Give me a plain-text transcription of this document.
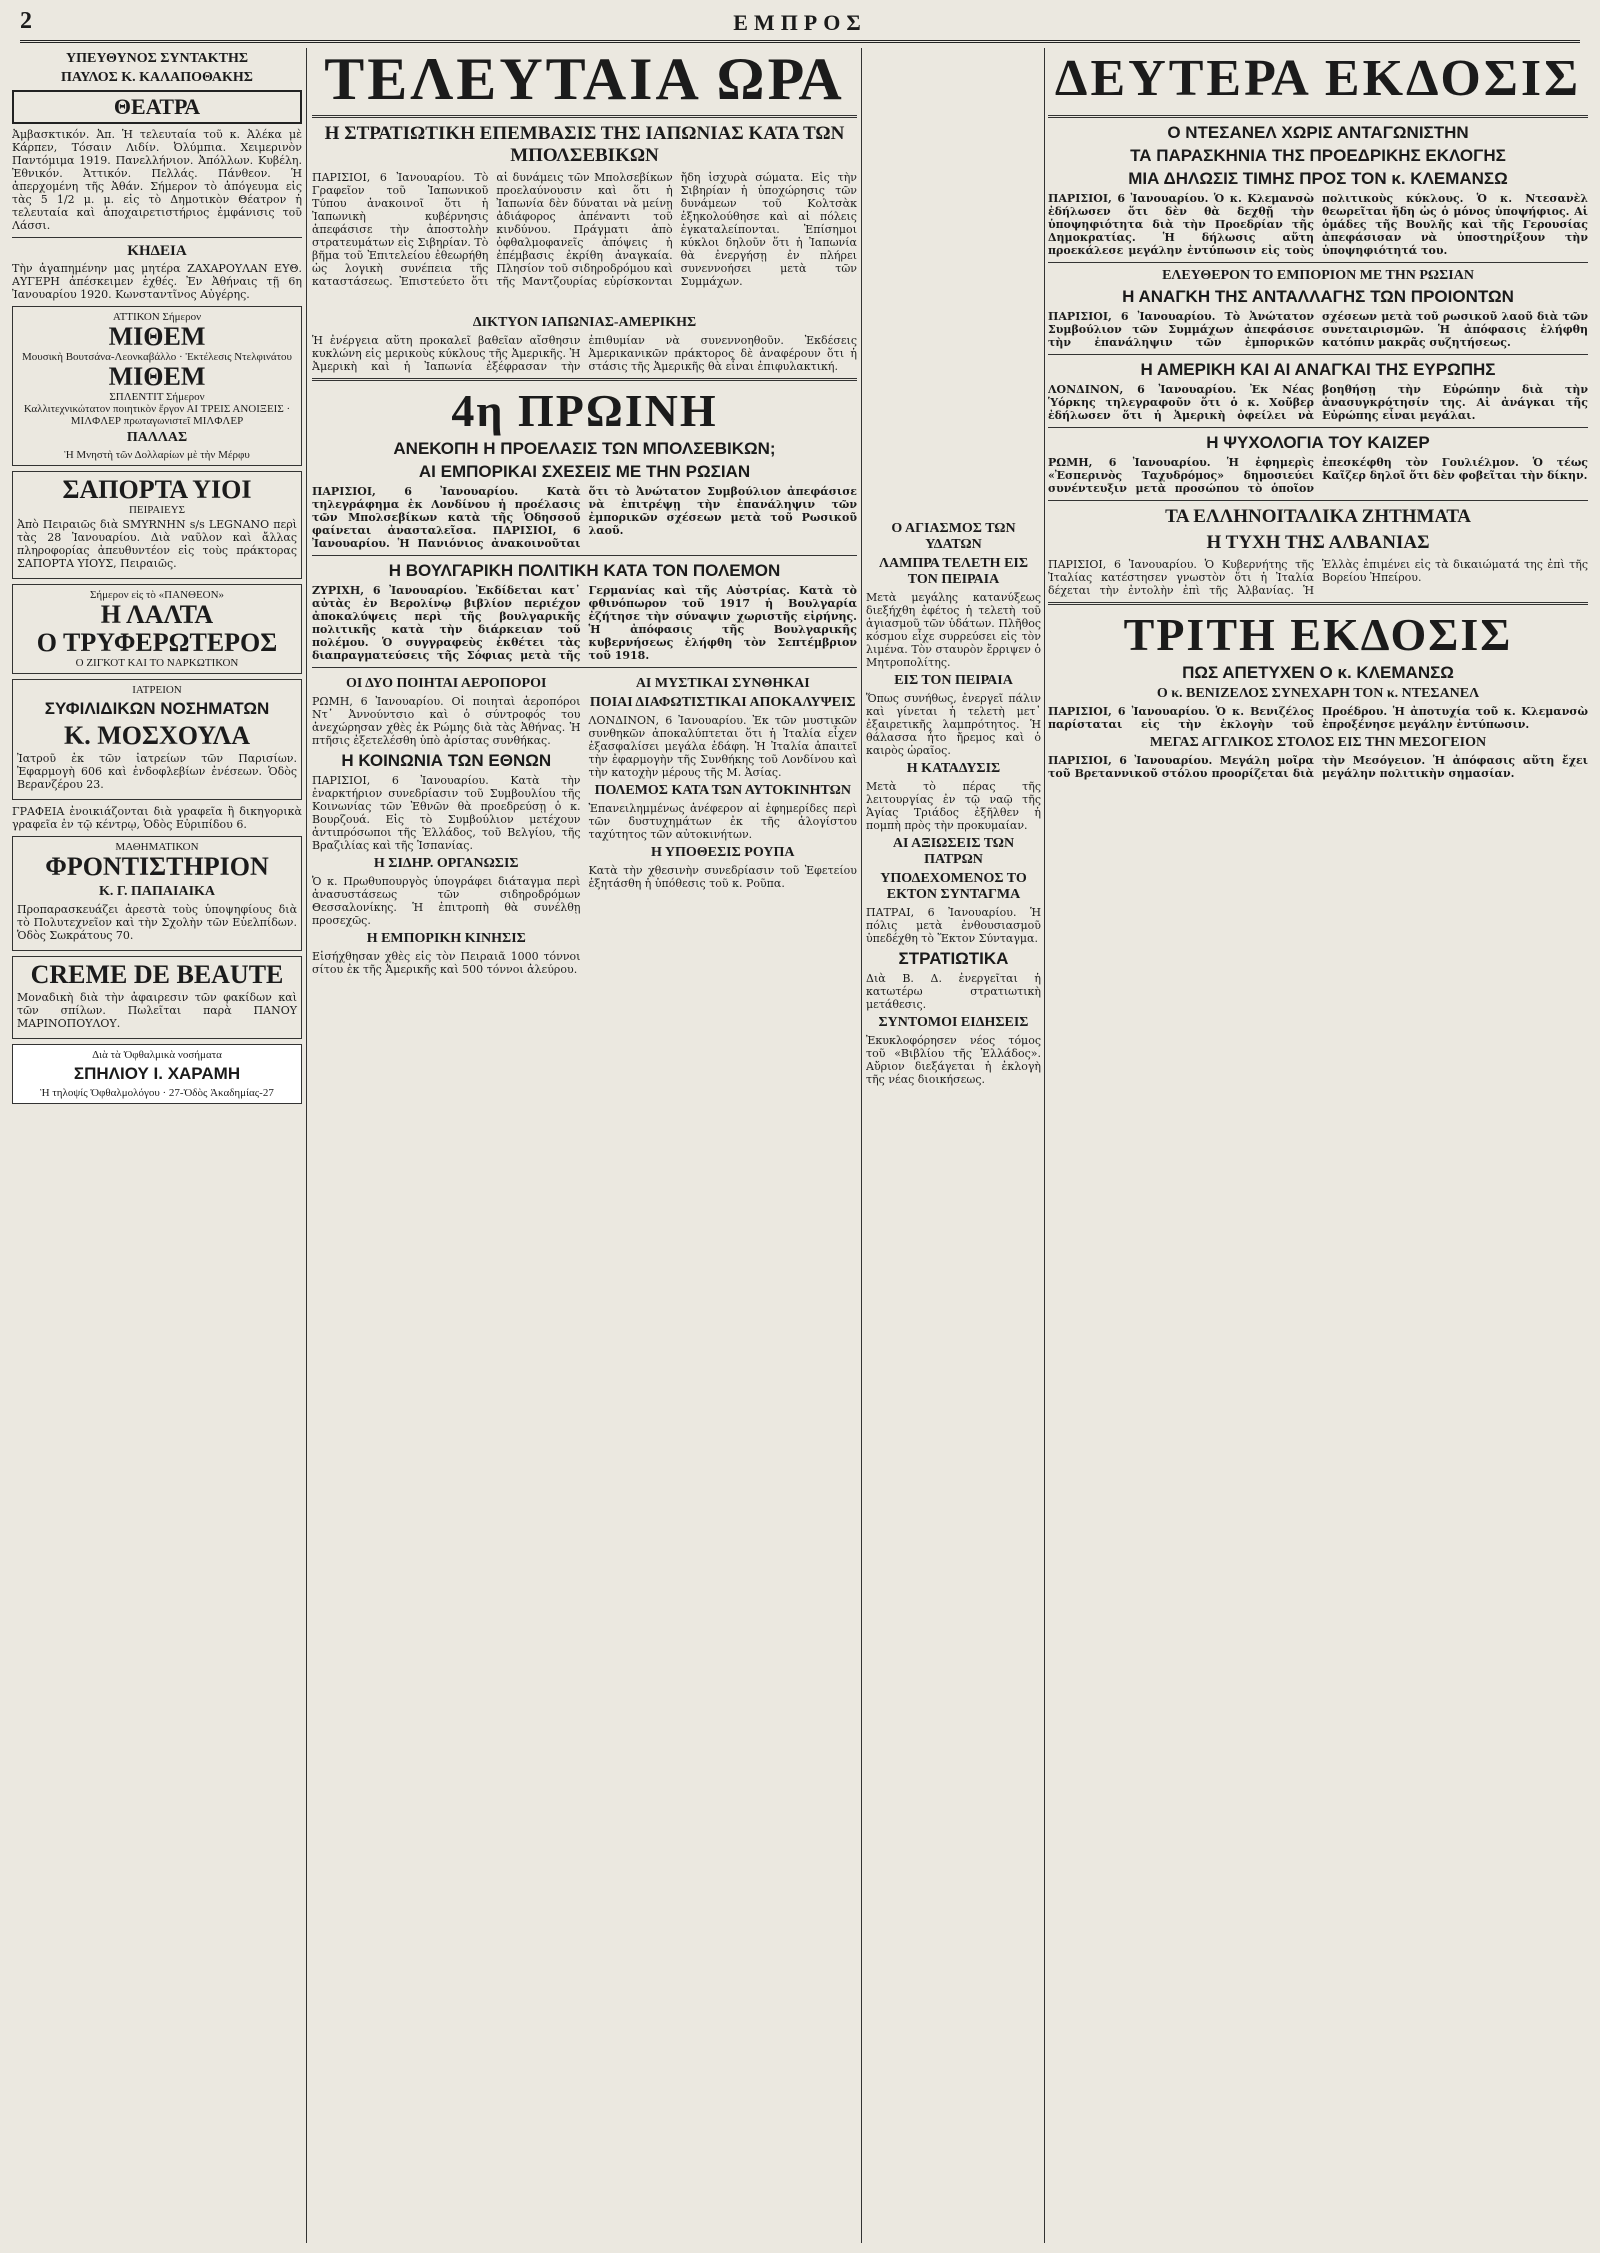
2	ΕΜΠΡΟΣ
ΥΠΕΥΘΥΝΟΣ ΣΥΝΤΑΚΤΗΣ
ΠΑΥΛΟΣ Κ. ΚΑΛΑΠΟΘΑΚΗΣ
ΘΕΑΤΡΑ
Ἀμβασκτικόν. Ἀπ. Ἡ τελευταία τοῦ κ. Ἀλέκα μὲ Κάρπεν, Τόσαιν Λιδίν. Ὀλύμπια. Χειμερινὸν Παντόμιμα 1919. Πανελλήνιον. Ἀπόλλων. Κυβέλη. Ἐθνικόν. Ἀττικόν. Πελλάς. Πάνθεον. Ἡ ἀπερχομένη τῆς Ἀθάν. Σήμερον τὸ ἀπόγευμα εἰς τὰς 5 1/2 μ. μ. εἰς τὸ Δημοτικὸν Θέατρον ἡ τελευταία καὶ ἀποχαιρετιστήριος ἐμφάνισις τοῦ Λάσσι.
ΚΗΔΕΙΑ
Τὴν ἀγαπημένην μας μητέρα ΖΑΧΑΡΟΥΛΑΝ ΕΥΘ. ΑΥΓΕΡΗ ἀπέσκειμεν ἐχθές. Ἐν Ἀθήναις τῇ 6η Ἰανουαρίου 1920. Κωνσταντῖνος Αὐγέρης.
ΑΤΤΙΚΟΝ Σήμερον
ΜΙΘΕΜ
Μουσικὴ Βουτσάνα-Λεονκαβάλλο · Ἐκτέλεσις Ντελφινάτου
ΜΙΘΕΜ
ΣΠΛΕΝΤΙΤ Σήμερον
Καλλιτεχνικώτατον ποιητικὸν ἔργον ΑΙ ΤΡΕΙΣ ΑΝΟΙΞΕΙΣ · ΜΙΛΦΛΕΡ πρωταγωνιστεῖ ΜΙΛΦΛΕΡ
ΠΑΛΛΑΣ
Ἡ Μνηστὴ τῶν Δολλαρίων μὲ τὴν Μέρφυ
ΣΑΠΟΡΤΑ ΥΙΟΙ
ΠΕΙΡΑΙΕΥΣ
Ἀπὸ Πειραιῶς διὰ SMYRNHN s/s LEGNANO περὶ τὰς 28 Ἰανουαρίου. Διὰ ναῦλον καὶ ἄλλας πληροφορίας ἀπευθυντέον εἰς τοὺς πράκτορας ΣΑΠΟΡΤΑ ΥΙΟΥΣ, Πειραιῶς.
Σήμερον εἰς τὸ «ΠΑΝΘΕΟΝ»
Η ΛΑΛΤΑ
Ο ΤΡΥΦΕΡΩΤΕΡΟΣ
Ο ΖΙΓΚΟΤ ΚΑΙ ΤΟ ΝΑΡΚΩΤΙΚΟΝ
ΙΑΤΡΕΙΟΝ
ΣΥΦΙΛΙΔΙΚΩΝ ΝΟΣΗΜΑΤΩΝ
Κ. ΜΟΣΧΟΥΛΑ
Ἰατροῦ ἐκ τῶν ἰατρείων τῶν Παρισίων. Ἐφαρμογὴ 606 καὶ ἐνδοφλεβίων ἐνέσεων. Ὁδὸς Βερανζέρου 23.
ΓΡΑΦΕΙΑ ἐνοικιάζονται διὰ γραφεῖα ἢ δικηγορικὰ γραφεῖα ἐν τῷ κέντρῳ, Ὁδὸς Εὐριπίδου 6.
ΜΑΘΗΜΑΤΙΚΟΝ
ΦΡΟΝΤΙΣΤΗΡΙΟΝ
Κ. Γ. ΠΑΠΑΙΑΙΚΑ
Προπαρασκευάζει ἀρεστὰ τοὺς ὑποψηφίους διὰ τὸ Πολυτεχνεῖον καὶ τὴν Σχολὴν τῶν Εὐελπίδων. Ὁδὸς Σωκράτους 70.
CREME DE BEAUTE
Μοναδικὴ διὰ τὴν ἀφαιρεσιν τῶν φακίδων καὶ τῶν σπίλων. Πωλεῖται παρὰ ΠΑΝΟΥ ΜΑΡΙΝΟΠΟΥΛΟΥ.
Διὰ τὰ Ὀφθαλμικὰ νοσήματα
ΣΠΗΛΙΟΥ Ι. ΧΑΡΑΜΗ
Ἡ τηλοψίς Ὀφθαλμολόγου · 27-Ὁδὸς Ἀκαδημίας-27
ΤΕΛΕΥΤΑΙΑ ΩΡΑ
Η ΣΤΡΑΤΙΩΤΙΚΗ ΕΠΕΜΒΑΣΙΣ ΤΗΣ ΙΑΠΩΝΙΑΣ ΚΑΤΑ ΤΩΝ ΜΠΟΛΣΕΒΙΚΩΝ
ΠΑΡΙΣΙΟΙ, 6 Ἰανουαρίου. Τὸ Γραφεῖον τοῦ Ἰαπωνικοῦ Τύπου ἀνακοινοῖ ὅτι ἡ Ἰαπωνικὴ κυβέρνησις ἀπεφάσισε τὴν ἀποστολὴν στρατευμάτων εἰς Σιβηρίαν. Τὸ βῆμα τοῦ Ἐπιτελείου ἐθεωρήθη ὡς λογικὴ συνέπεια τῆς καταστάσεως. Ἐπιστεύετο ὅτι αἱ δυνάμεις τῶν Μπολσεβίκων προελαύνουσιν καὶ ὅτι ἡ Ἰαπωνία δὲν δύναται νὰ μείνῃ ἀδιάφορος ἀπέναντι τοῦ κινδύνου. Πράγματι ἀπὸ ὀφθαλμοφανεῖς ἀπόψεις ἡ ἐπέμβασις ἐκρίθη ἀναγκαία. Πλησίον τοῦ σιδηροδρόμου καὶ τῆς Μαντζουρίας εὑρίσκονται ἤδη ἰσχυρὰ σώματα. Εἰς τὴν Σιβηρίαν ἡ ὑποχώρησις τῶν δυνάμεων τοῦ Κολτσὰκ ἐξηκολούθησε καὶ αἱ πόλεις ἐγκαταλείπονται. Ἐπίσημοι κύκλοι δηλοῦν ὅτι ἡ Ἰαπωνία θὰ ἐνεργήσῃ ἐν πλήρει συνεννοήσει μετὰ τῶν Συμμάχων.
ΔΙΚΤΥΟΝ ΙΑΠΩΝΙΑΣ-ΑΜΕΡΙΚΗΣ
Ἡ ἐνέργεια αὕτη προκαλεῖ βαθεῖαν αἴσθησιν κυκλώνη εἰς μερικοὺς κύκλους τῆς Ἀμερικῆς. Ἡ Ἀμερικὴ καὶ ἡ Ἰαπωνία ἐξέφρασαν τὴν ἐπιθυμίαν νὰ συνεννοηθοῦν. Ἐκδέσεις Ἀμερικανικῶν πράκτορος δὲ ἀναφέρουν ὅτι ἡ στάσις τῆς Ἀμερικῆς θὰ εἶναι ἐπιφυλακτική.
4η ΠΡΩΙΝΗ
ΑΝΕΚΟΠΗ Η ΠΡΟΕΛΑΣΙΣ ΤΩΝ ΜΠΟΛΣΕΒΙΚΩΝ;
ΑΙ ΕΜΠΟΡΙΚΑΙ ΣΧΕΣΕΙΣ ΜΕ ΤΗΝ ΡΩΣΙΑΝ
ΠΑΡΙΣΙΟΙ, 6 Ἰανουαρίου. Κατὰ τηλεγράφημα ἐκ Λονδίνου ἡ προέλασις τῶν Μπολσεβίκων κατὰ τῆς Ὁδησσοῦ φαίνεται ἀνασταλεῖσα. ΠΑΡΙΣΙΟΙ, 6 Ἰανουαρίου. Ἡ Πανιόνιος ἀνακοινοῦται ὅτι τὸ Ἀνώτατον Συμβούλιον ἀπεφάσισε νὰ ἐπιτρέψῃ τὴν ἐπανάληψιν τῶν ἐμπορικῶν σχέσεων μετὰ τοῦ Ρωσικοῦ λαοῦ.
Η ΒΟΥΛΓΑΡΙΚΗ ΠΟΛΙΤΙΚΗ ΚΑΤΑ ΤΟΝ ΠΟΛΕΜΟΝ
ΖΥΡΙΧΗ, 6 Ἰανουαρίου. Ἐκδίδεται κατ᾿ αὐτὰς ἐν Βερολίνῳ βιβλίον περιέχον ἀποκαλύψεις περὶ τῆς βουλγαρικῆς πολιτικῆς κατὰ τὴν διάρκειαν τοῦ πολέμου. Ὁ συγγραφεὺς ἐκθέτει τὰς διαπραγματεύσεις τῆς Σόφιας μετὰ τῆς Γερμανίας καὶ τῆς Αὐστρίας. Κατὰ τὸ φθινόπωρον τοῦ 1917 ἡ Βουλγαρία ἐζήτησε τὴν σύναψιν χωριστῆς εἰρήνης. Ἡ ἀπόφασις τῆς Βουλγαρικῆς κυβερνήσεως ἐλήφθη τὸν Σεπτέμβριον τοῦ 1918.
ΟΙ ΔΥΟ ΠΟΙΗΤΑΙ ΑΕΡΟΠΟΡΟΙ
ΡΩΜΗ, 6 Ἰανουαρίου. Οἱ ποιηταὶ ἀεροπόροι Ντ᾿ Ἀννούντσιο καὶ ὁ σύντροφός του ἀνεχώρησαν χθὲς ἐκ Ρώμης διὰ τὰς Ἀθήνας. Ἡ πτῆσις ἐξετελέσθη ὑπὸ ἀρίστας συνθήκας.
Η ΚΟΙΝΩΝΙΑ ΤΩΝ ΕΘΝΩΝ
ΠΑΡΙΣΙΟΙ, 6 Ἰανουαρίου. Κατὰ τὴν ἐναρκτήριον συνεδρίασιν τοῦ Συμβουλίου τῆς Κοινωνίας τῶν Ἐθνῶν θὰ προεδρεύσῃ ὁ κ. Βουρζουά. Εἰς τὸ Συμβούλιον μετέχουν ἀντιπρόσωποι τῆς Ἑλλάδος, τοῦ Βελγίου, τῆς Βραζιλίας καὶ τῆς Ἱσπανίας.
Η ΣΙΔΗΡ. ΟΡΓΑΝΩΣΙΣ
Ὁ κ. Πρωθυπουργὸς ὑπογράφει διάταγμα περὶ ἀνασυστάσεως τῶν σιδηροδρόμων Θεσσαλονίκης. Ἡ ἐπιτροπὴ θὰ συνέλθῃ προσεχῶς.
Η ΕΜΠΟΡΙΚΗ ΚΙΝΗΣΙΣ
Εἰσήχθησαν χθὲς εἰς τὸν Πειραιᾶ 1000 τόννοι σίτου ἐκ τῆς Ἀμερικῆς καὶ 500 τόννοι ἀλεύρου.
ΑΙ ΜΥΣΤΙΚΑΙ ΣΥΝΘΗΚΑΙ
ΠΟΙΑΙ ΔΙΑΦΩΤΙΣΤΙΚΑΙ ΑΠΟΚΑΛΥΨΕΙΣ
ΛΟΝΔΙΝΟΝ, 6 Ἰανουαρίου. Ἐκ τῶν μυστικῶν συνθηκῶν ἀποκαλύπτεται ὅτι ἡ Ἰταλία εἶχεν ἐξασφαλίσει μεγάλα ἐδάφη. Ἡ Ἰταλία ἀπαιτεῖ τὴν ἐφαρμογὴν τῆς Συνθήκης τοῦ Λονδίνου καὶ τὴν κατοχὴν μέρους τῆς Μ. Ἀσίας.
ΠΟΛΕΜΟΣ ΚΑΤΑ ΤΩΝ ΑΥΤΟΚΙΝΗΤΩΝ
Ἐπανειλημμένως ἀνέφερον αἱ ἐφημερίδες περὶ τῶν δυστυχημάτων ἐκ τῆς ἀλογίστου ταχύτητος τῶν αὐτοκινήτων.
Η ΥΠΟΘΕΣΙΣ ΡΟΥΠΑ
Κατὰ τὴν χθεσινὴν συνεδρίασιν τοῦ Ἐφετείου ἐξητάσθη ἡ ὑπόθεσις τοῦ κ. Ροῦπα.
Ο ΑΓΙΑΣΜΟΣ ΤΩΝ ΥΔΑΤΩΝ
ΛΑΜΠΡΑ ΤΕΛΕΤΗ ΕΙΣ ΤΟΝ ΠΕΙΡΑΙΑ
Μετὰ μεγάλης κατανύξεως διεξήχθη ἐφέτος ἡ τελετὴ τοῦ ἁγιασμοῦ τῶν ὑδάτων. Πλῆθος κόσμου εἶχε συρρεύσει εἰς τὸν λιμένα. Τὸν σταυρὸν ἔρριψεν ὁ Μητροπολίτης.
ΕΙΣ ΤΟΝ ΠΕΙΡΑΙΑ
Ὅπως συνήθως, ἐνεργεῖ πάλιν καὶ γίνεται ἡ τελετὴ μετ᾿ ἐξαιρετικῆς λαμπρότητος. Ἡ θάλασσα ἦτο ἤρεμος καὶ ὁ καιρὸς ὡραῖος.
Η ΚΑΤΑΔΥΣΙΣ
Μετὰ τὸ πέρας τῆς λειτουργίας ἐν τῷ ναῷ τῆς Ἁγίας Τριάδος ἐξῆλθεν ἡ πομπὴ πρὸς τὴν προκυμαίαν.
ΑΙ ΑΞΙΩΣΕΙΣ ΤΩΝ ΠΑΤΡΩΝ
ΥΠΟΔΕΧΟΜΕΝΟΣ ΤΟ ΕΚΤΟΝ ΣΥΝΤΑΓΜΑ
ΠΑΤΡΑΙ, 6 Ἰανουαρίου. Ἡ πόλις μετὰ ἐνθουσιασμοῦ ὑπεδέχθη τὸ Ἕκτον Σύνταγμα.
ΣΤΡΑΤΙΩΤΙΚΑ
Διὰ Β. Δ. ἐνεργεῖται ἡ κατωτέρω στρατιωτικὴ μετάθεσις.
ΣΥΝΤΟΜΟΙ ΕΙΔΗΣΕΙΣ
Ἐκυκλοφόρησεν νέος τόμος τοῦ «Βιβλίου τῆς Ἑλλάδος». Αὔριον διεξάγεται ἡ ἐκλογὴ τῆς νέας διοικήσεως.
ΔΕΥΤΕΡΑ ΕΚΔΟΣΙΣ
Ο ΝΤΕΣΑΝΕΛ ΧΩΡΙΣ ΑΝΤΑΓΩΝΙΣΤΗΝ
ΤΑ ΠΑΡΑΣΚΗΝΙΑ ΤΗΣ ΠΡΟΕΔΡΙΚΗΣ ΕΚΛΟΓΗΣ
ΜΙΑ ΔΗΛΩΣΙΣ ΤΙΜΗΣ ΠΡΟΣ ΤΟΝ κ. ΚΛΕΜΑΝΣΩ
ΠΑΡΙΣΙΟΙ, 6 Ἰανουαρίου. Ὁ κ. Κλεμανσὼ ἐδήλωσεν ὅτι δὲν θὰ δεχθῇ τὴν ὑποψηφιότητα διὰ τὴν Προεδρίαν τῆς Δημοκρατίας. Ἡ δήλωσις αὕτη προεκάλεσε μεγάλην ἐντύπωσιν εἰς τοὺς πολιτικοὺς κύκλους. Ὁ κ. Ντεσανὲλ θεωρεῖται ἤδη ὡς ὁ μόνος ὑποψήφιος. Αἱ ὁμάδες τῆς Βουλῆς καὶ τῆς Γερουσίας ἀπεφάσισαν νὰ ὑποστηρίξουν τὴν ὑποψηφιότητά του.
ΕΛΕΥΘΕΡΟΝ ΤΟ ΕΜΠΟΡΙΟΝ ΜΕ ΤΗΝ ΡΩΣΙΑΝ
Η ΑΝΑΓΚΗ ΤΗΣ ΑΝΤΑΛΛΑΓΗΣ ΤΩΝ ΠΡΟΙΟΝΤΩΝ
ΠΑΡΙΣΙΟΙ, 6 Ἰανουαρίου. Τὸ Ἀνώτατον Συμβούλιον τῶν Συμμάχων ἀπεφάσισε τὴν ἐπανάληψιν τῶν ἐμπορικῶν σχέσεων μετὰ τοῦ ρωσικοῦ λαοῦ διὰ τῶν συνεταιρισμῶν. Ἡ ἀπόφασις ἐλήφθη κατόπιν μακρᾶς συζητήσεως.
Η ΑΜΕΡΙΚΗ ΚΑΙ ΑΙ ΑΝΑΓΚΑΙ ΤΗΣ ΕΥΡΩΠΗΣ
ΛΟΝΔΙΝΟΝ, 6 Ἰανουαρίου. Ἐκ Νέας Ὑόρκης τηλεγραφοῦν ὅτι ὁ κ. Χοῦβερ ἐδήλωσεν ὅτι ἡ Ἀμερικὴ ὀφείλει νὰ βοηθήσῃ τὴν Εὐρώπην διὰ τὴν ἀνασυγκρότησίν της. Αἱ ἀνάγκαι τῆς Εὐρώπης εἶναι μεγάλαι.
Η ΨΥΧΟΛΟΓΙΑ ΤΟΥ ΚΑΙΖΕΡ
ΡΩΜΗ, 6 Ἰανουαρίου. Ἡ ἐφημερὶς «Ἐσπερινὸς Ταχυδρόμος» δημοσιεύει συνέντευξιν μετὰ προσώπου τὸ ὁποῖον ἐπεσκέφθη τὸν Γουλιέλμον. Ὁ τέως Καῖζερ δηλοῖ ὅτι δὲν φοβεῖται τὴν δίκην.
ΤΑ ΕΛΛΗΝΟΙΤΑΛΙΚΑ ΖΗΤΗΜΑΤΑ
Η ΤΥΧΗ ΤΗΣ ΑΛΒΑΝΙΑΣ
ΠΑΡΙΣΙΟΙ, 6 Ἰανουαρίου. Ὁ Κυβερνήτης τῆς Ἰταλίας κατέστησεν γνωστὸν ὅτι ἡ Ἰταλία δέχεται τὴν ἐντολὴν ἐπὶ τῆς Ἀλβανίας. Ἡ Ἑλλὰς ἐπιμένει εἰς τὰ δικαιώματά της ἐπὶ τῆς Βορείου Ἠπείρου.
ΤΡΙΤΗ ΕΚΔΟΣΙΣ
ΠΩΣ ΑΠΕΤΥΧΕΝ Ο κ. ΚΛΕΜΑΝΣΩ
Ο κ. ΒΕΝΙΖΕΛΟΣ ΣΥΝΕΧΑΡΗ ΤΟΝ κ. ΝΤΕΣΑΝΕΛ
ΠΑΡΙΣΙΟΙ, 6 Ἰανουαρίου. Ὁ κ. Βενιζέλος παρίσταται εἰς τὴν ἐκλογὴν τοῦ Προέδρου. Ἡ ἀποτυχία τοῦ κ. Κλεμανσὼ ἐπροξένησε μεγάλην ἐντύπωσιν.
ΜΕΓΑΣ ΑΓΓΛΙΚΟΣ ΣΤΟΛΟΣ ΕΙΣ ΤΗΝ ΜΕΣΟΓΕΙΟΝ
ΠΑΡΙΣΙΟΙ, 6 Ἰανουαρίου. Μεγάλη μοῖρα τοῦ Βρεταννικοῦ στόλου προορίζεται διὰ τὴν Μεσόγειον. Ἡ ἀπόφασις αὕτη ἔχει μεγάλην πολιτικὴν σημασίαν.
